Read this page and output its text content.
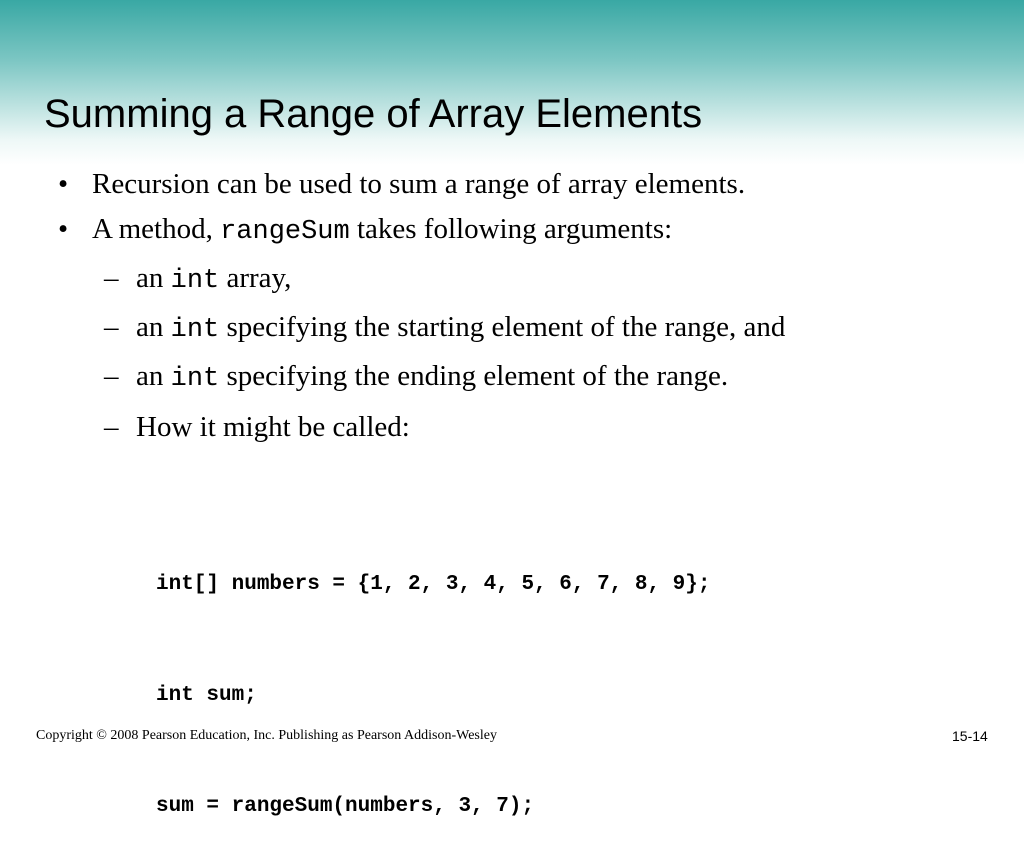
Summing a Range of Array Elements
• Recursion can be used to sum a range of array elements.
• A method, rangeSum takes following arguments:
– an int array,
– an int specifying the starting element of the range, and
– an int specifying the ending element of the range.
– How it might be called:

int[] numbers = {1, 2, 3, 4, 5, 6, 7, 8, 9};

int sum;

sum = rangeSum(numbers, 3, 7);

Copyright © 2008 Pearson Education, Inc. Publishing as Pearson Addison-Wesley	15-14
